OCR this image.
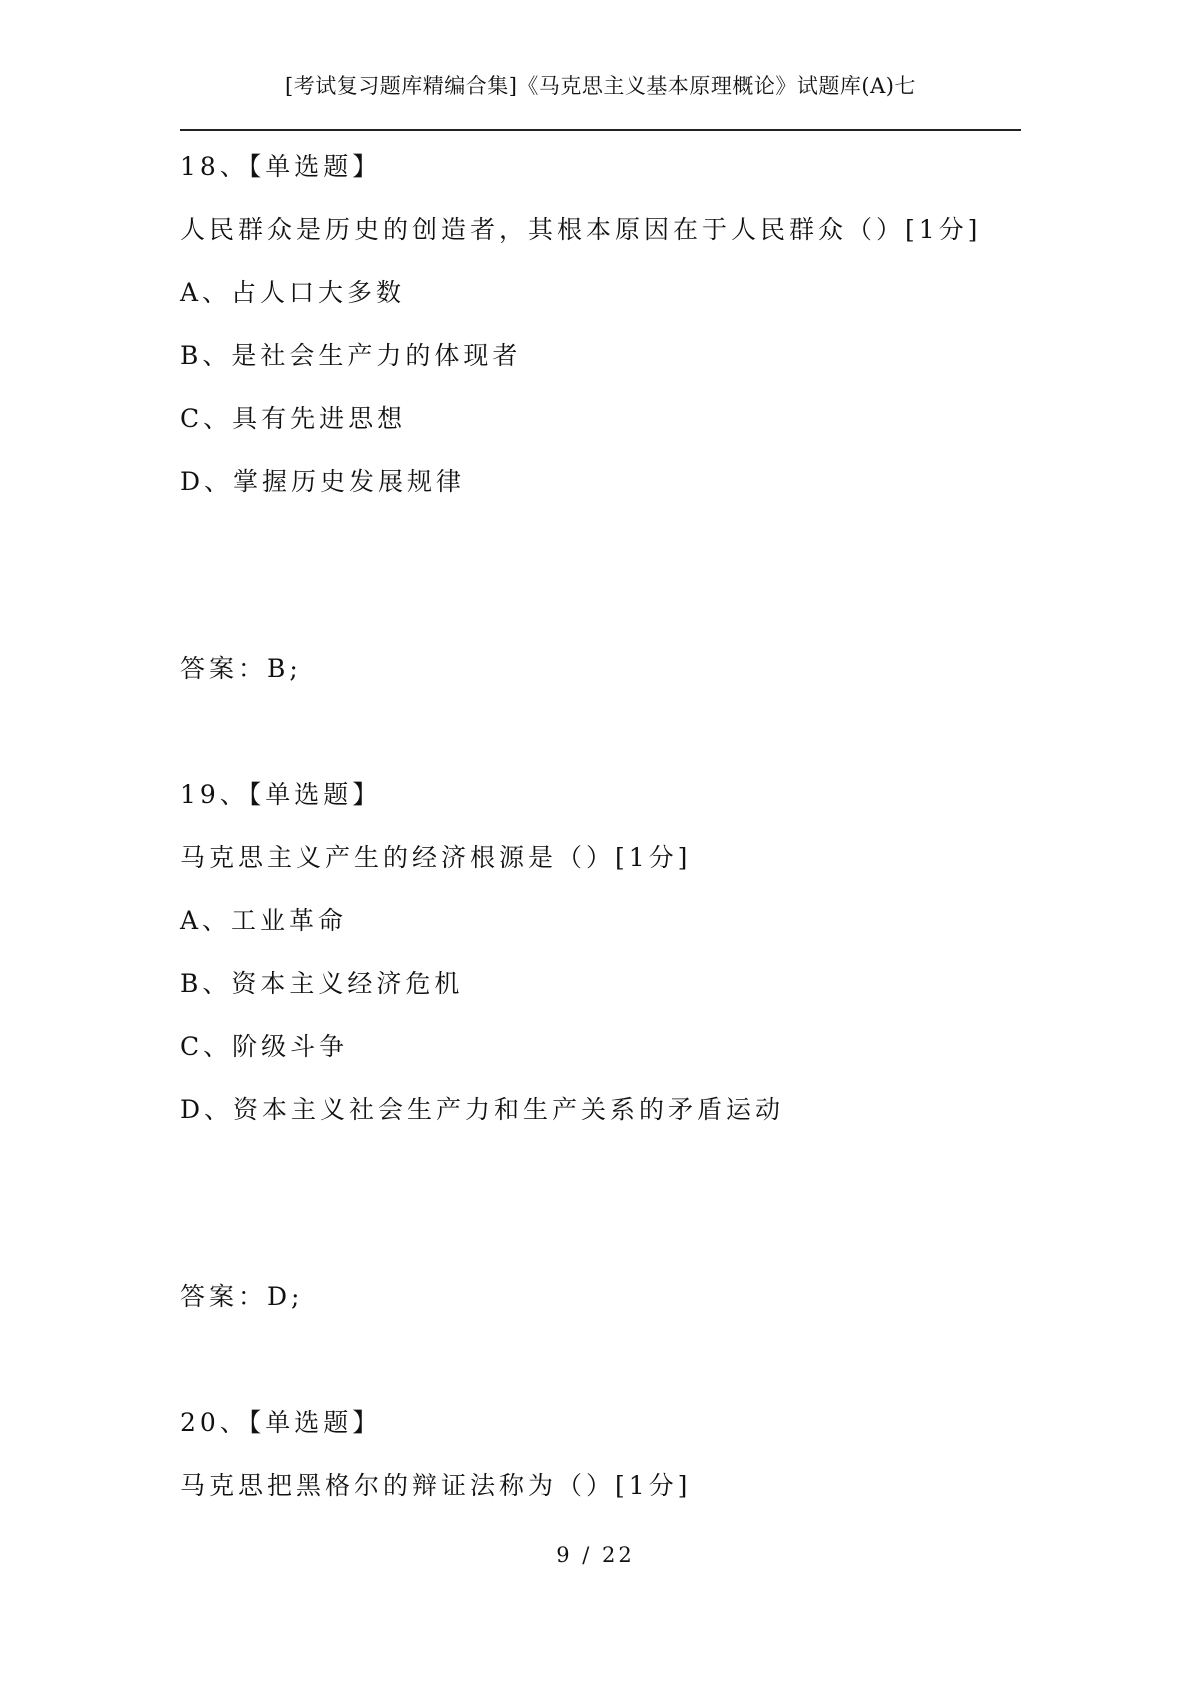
[考试复习题库精编合集]《马克思主义基本原理概论》试题库(A)七
18、【单选题】
人民群众是历史的创造者，其根本原因在于人民群众（）[1分]
A、占人口大多数
B、是社会生产力的体现者
C、具有先进思想
D、掌握历史发展规律
答案：B;
19、【单选题】
马克思主义产生的经济根源是（）[1分]
A、工业革命
B、资本主义经济危机
C、阶级斗争
D、资本主义社会生产力和生产关系的矛盾运动
答案：D;
20、【单选题】
马克思把黑格尔的辩证法称为（）[1分]
9 / 22
